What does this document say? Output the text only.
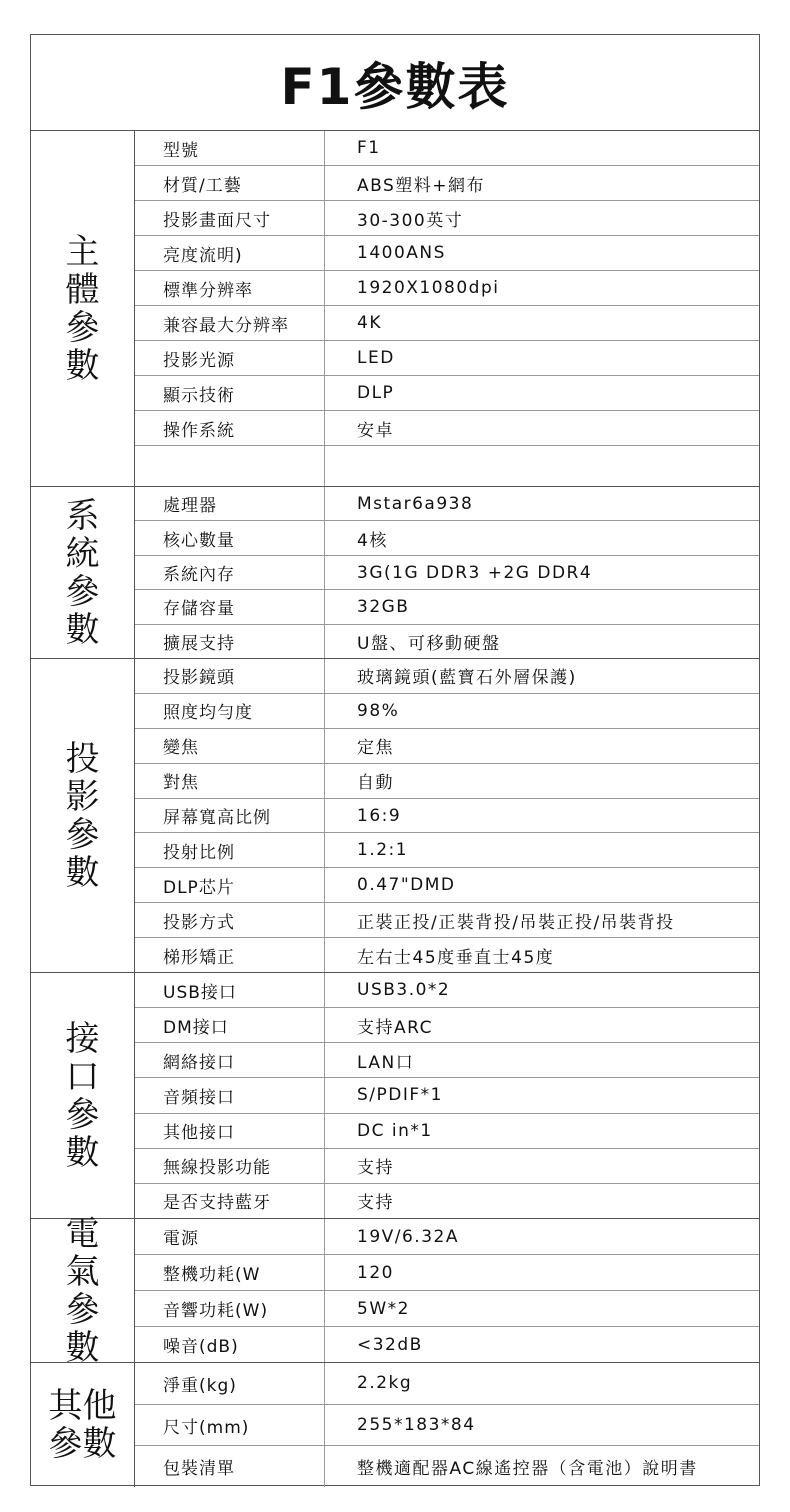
F1參數表
主體參數
型號	F1
材質/工藝	ABS塑料+網布
投影畫面尺寸	30-300英寸
亮度流明)	1400ANS
標準分辨率	1920X1080dpi
兼容最大分辨率	4K
投影光源	LED
顯示技術	DLP
操作系統	安卓
系統參數
處理器	Mstar6a938
核心數量	4核
系統內存	3G(1G DDR3 +2G DDR4
存儲容量	32GB
擴展支持	U盤、可移動硬盤
投影參數
投影鏡頭	玻璃鏡頭(藍寶石外層保護)
照度均勻度	98%
變焦	定焦
對焦	自動
屏幕寬高比例	16:9
投射比例	1.2:1
DLP芯片	0.47"DMD
投影方式	正裝正投/正裝背投/吊裝正投/吊裝背投
梯形矯正	左右士45度垂直士45度
接口參數
USB接口	USB3.0*2
DM接口	支持ARC
網絡接口	LAN口
音頻接口	S/PDIF*1
其他接口	DC in*1
無線投影功能	支持
是否支持藍牙	支持
電氣參數
電源	19V/6.32A
整機功耗(W	120
音響功耗(W)	5W*2
噪音(dB)	<32dB
其他參數
淨重(kg)	2.2kg
尺寸(mm)	255*183*84
包裝清單	整機適配器AC線遙控器（含電池）說明書
